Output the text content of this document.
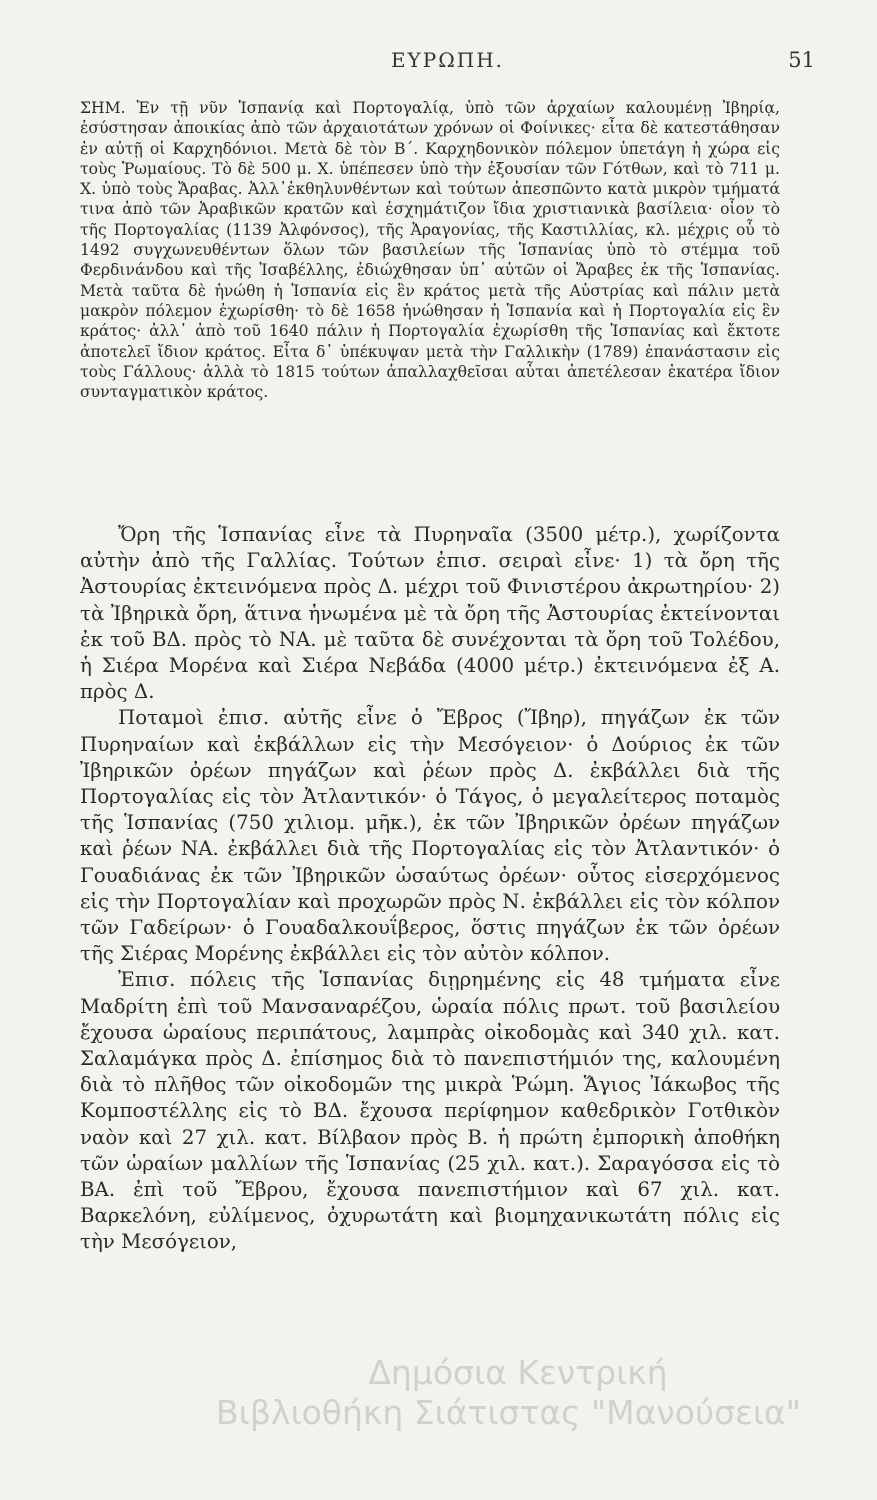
ΕΥΡΩΠΗ.	51

ΣΗΜ. Ἐν τῇ νῦν Ἱσπανίᾳ καὶ Πορτογαλίᾳ, ὑπὸ τῶν ἀρχαίων καλουμένῃ Ἰβηρίᾳ, ἐσύστησαν ἀποικίας ἀπὸ τῶν ἀρχαιοτάτων χρόνων οἱ Φοίνικες· εἶτα δὲ κατεστάθησαν ἐν αὐτῇ οἱ Καρχηδόνιοι. Μετὰ δὲ τὸν Β΄. Καρχηδονικὸν πόλεμον ὑπετάγη ἡ χώρα εἰς τοὺς Ῥωμαίους. Τὸ δὲ 500 μ. Χ. ὑπέπεσεν ὑπὸ τὴν ἐξουσίαν τῶν Γότθων, καὶ τὸ 711 μ. Χ. ὑπὸ τοὺς Ἄραβας. Ἀλλ᾽ἐκθηλυνθέντων καὶ τούτων ἀπεσπῶντο κατὰ μικρὸν τμήματά τινα ἀπὸ τῶν Ἀραβικῶν κρατῶν καὶ ἐσχημάτιζον ἴδια χριστιανικὰ βασίλεια· οἷον τὸ τῆς Πορτογαλίας (1139 Ἀλφόνσος), τῆς Ἀραγονίας, τῆς Καστιλλίας, κλ. μέχρις οὗ τὸ 1492 συγχωνευθέντων ὅλων τῶν βασιλείων τῆς Ἱσπανίας ὑπὸ τὸ στέμμα τοῦ Φερδινάνδου καὶ τῆς Ἰσαβέλλης, ἐδιώχθησαν ὑπ᾽ αὐτῶν οἱ Ἄραβες ἐκ τῆς Ἱσπανίας. Μετὰ ταῦτα δὲ ἡνώθη ἡ Ἱσπανία εἰς ἓν κράτος μετὰ τῆς Αὐστρίας καὶ πάλιν μετὰ μακρὸν πόλεμον ἐχωρίσθη· τὸ δὲ 1658 ἡνώθησαν ἡ Ἱσπανία καὶ ἡ Πορτογαλία εἰς ἓν κράτος· ἀλλ᾽ ἀπὸ τοῦ 1640 πάλιν ἡ Πορτογαλία ἐχωρίσθη τῆς Ἱσπανίας καὶ ἔκτοτε ἀποτελεῖ ἴδιον κράτος. Εἶτα δ᾽ ὑπέκυψαν μετὰ τὴν Γαλλικὴν (1789) ἐπανάστασιν εἰς τοὺς Γάλλους· ἀλλὰ τὸ 1815 τούτων ἀπαλλαχθεῖσαι αὗται ἀπετέλεσαν ἑκατέρα ἴδιον συνταγματικὸν κράτος.

Ὄρη τῆς Ἱσπανίας εἶνε τὰ Πυρηναῖα (3500 μέτρ.), χωρίζοντα αὐτὴν ἀπὸ τῆς Γαλλίας. Τούτων ἐπισ. σειραὶ εἶνε· 1) τὰ ὄρη τῆς Ἀστουρίας ἐκτεινόμενα πρὸς Δ. μέχρι τοῦ Φινιστέρου ἀκρωτηρίου· 2) τὰ Ἰβηρικὰ ὄρη, ἅτινα ἡνωμένα μὲ τὰ ὄρη τῆς Ἀστουρίας ἐκτείνονται ἐκ τοῦ ΒΔ. πρὸς τὸ ΝΑ. μὲ ταῦτα δὲ συνέχονται τὰ ὄρη τοῦ Τολέδου, ἡ Σιέρα Μορένα καὶ Σιέρα Νεβάδα (4000 μέτρ.) ἐκτεινόμενα ἐξ Α. πρὸς Δ.

Ποταμοὶ ἐπισ. αὐτῆς εἶνε ὁ Ἔβρος (Ἴβηρ), πηγάζων ἐκ τῶν Πυρηναίων καὶ ἐκβάλλων εἰς τὴν Μεσόγειον· ὁ Δούριος ἐκ τῶν Ἰβηρικῶν ὀρέων πηγάζων καὶ ῥέων πρὸς Δ. ἐκβάλλει διὰ τῆς Πορτογαλίας εἰς τὸν Ἀτλαντικόν· ὁ Τάγος, ὁ μεγαλείτερος ποταμὸς τῆς Ἱσπανίας (750 χιλιομ. μῆκ.), ἐκ τῶν Ἰβηρικῶν ὀρέων πηγάζων καὶ ῥέων ΝΑ. ἐκβάλλει διὰ τῆς Πορτογαλίας εἰς τὸν Ἀτλαντικόν· ὁ Γουαδιάνας ἐκ τῶν Ἰβηρικῶν ὡσαύτως ὀρέων· οὗτος εἰσερχόμενος εἰς τὴν Πορτογαλίαν καὶ προχωρῶν πρὸς Ν. ἐκβάλλει εἰς τὸν κόλπον τῶν Γαδείρων· ὁ Γουαδαλκουΐβερος, ὅστις πηγάζων ἐκ τῶν ὀρέων τῆς Σιέρας Μορένης ἐκβάλλει εἰς τὸν αὐτὸν κόλπον.

Ἐπισ. πόλεις τῆς Ἱσπανίας διῃρημένης εἰς 48 τμήματα εἶνε Μαδρίτη ἐπὶ τοῦ Μανσαναρέζου, ὡραία πόλις πρωτ. τοῦ βασιλείου ἔχουσα ὡραίους περιπάτους, λαμπρὰς οἰκοδομὰς καὶ 340 χιλ. κατ. Σαλαμάγκα πρὸς Δ. ἐπίσημος διὰ τὸ πανεπιστήμιόν της, καλουμένη διὰ τὸ πλῆθος τῶν οἰκοδομῶν της μικρὰ Ῥώμη. Ἅγιος Ἰάκωβος τῆς Κομποστέλλης εἰς τὸ ΒΔ. ἔχουσα περίφημον καθεδρικὸν Γοτθικὸν ναὸν καὶ 27 χιλ. κατ. Βίλβαον πρὸς Β. ἡ πρώτη ἐμπορικὴ ἀποθήκη τῶν ὡραίων μαλλίων τῆς Ἱσπανίας (25 χιλ. κατ.). Σαραγόσσα εἰς τὸ ΒΑ. ἐπὶ τοῦ Ἔβρου, ἔχουσα πανεπιστήμιον καὶ 67 χιλ. κατ. Βαρκελόνη, εὐλίμενος, ὀχυρωτάτη καὶ βιομηχανικωτάτη πόλις εἰς τὴν Μεσόγειον,

Δημόσια Κεντρική
Βιβλιοθήκη Σιάτιστας "Μανούσεια"
